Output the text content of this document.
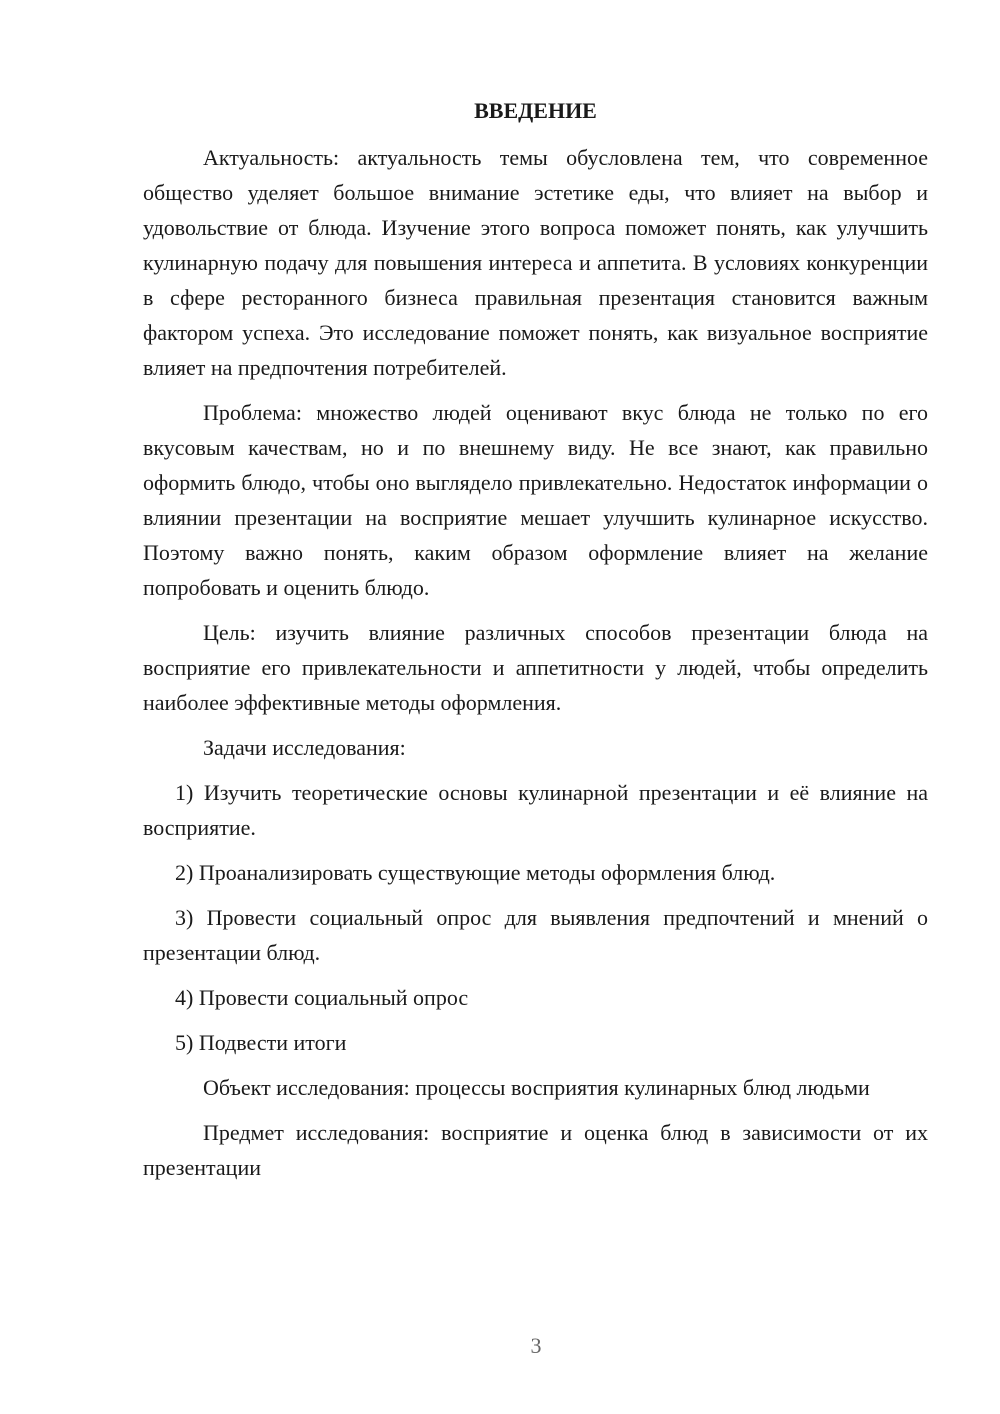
ВВЕДЕНИЕ

Актуальность: актуальность темы обусловлена тем, что современное общество уделяет большое внимание эстетике еды, что влияет на выбор и удовольствие от блюда. Изучение этого вопроса поможет понять, как улучшить кулинарную подачу для повышения интереса и аппетита. В условиях конкуренции в сфере ресторанного бизнеса правильная презентация становится важным фактором успеха. Это исследование поможет понять, как визуальное восприятие влияет на предпочтения потребителей.

Проблема: множество людей оценивают вкус блюда не только по его вкусовым качествам, но и по внешнему виду. Не все знают, как правильно оформить блюдо, чтобы оно выглядело привлекательно. Недостаток информации о влиянии презентации на восприятие мешает улучшить кулинарное искусство. Поэтому важно понять, каким образом оформление влияет на желание попробовать и оценить блюдо.

Цель: изучить влияние различных способов презентации блюда на восприятие его привлекательности и аппетитности у людей, чтобы определить наиболее эффективные методы оформления.

Задачи исследования:

1) Изучить теоретические основы кулинарной презентации и её влияние на восприятие.

2) Проанализировать существующие методы оформления блюд.

3) Провести социальный опрос для выявления предпочтений и мнений о презентации блюд.

4) Провести социальный опрос

5) Подвести итоги

Объект исследования: процессы восприятия кулинарных блюд людьми

Предмет исследования: восприятие и оценка блюд в зависимости от их презентации

3
